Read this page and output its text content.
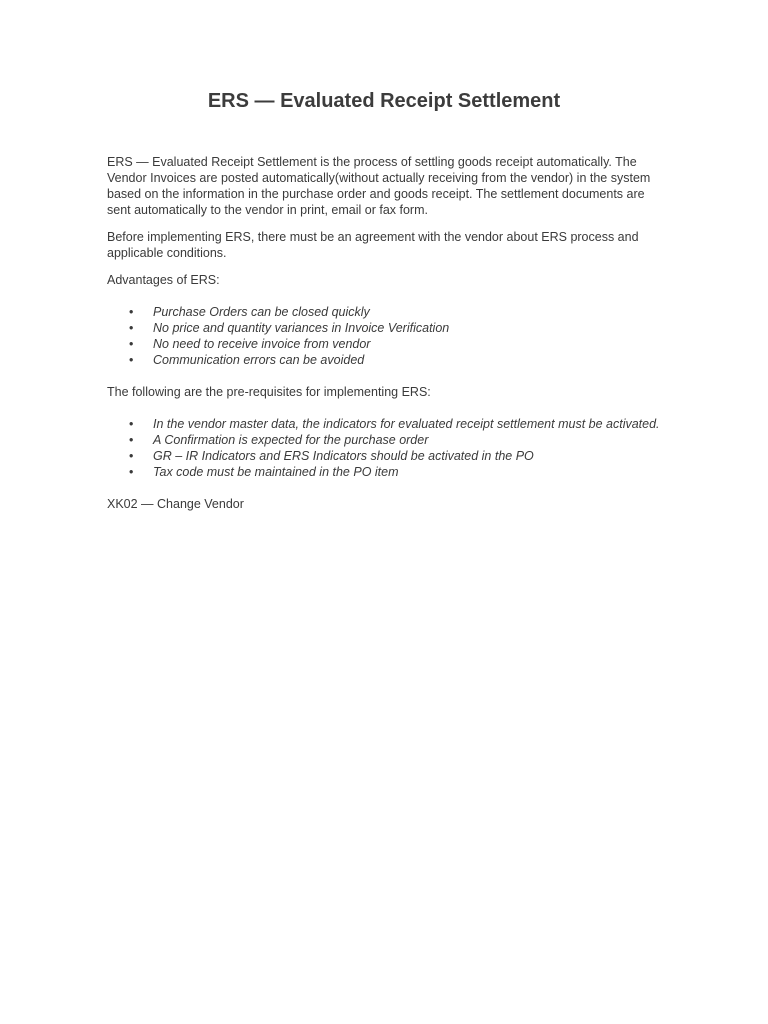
ERS — Evaluated Receipt Settlement

ERS — Evaluated Receipt Settlement is the process of settling goods receipt automatically. The Vendor Invoices are posted automatically(without actually receiving from the vendor) in the system based on the information in the purchase order and goods receipt. The settlement documents are sent automatically to the vendor in print, email or fax form.

Before implementing ERS, there must be an agreement with the vendor about ERS process and applicable conditions.

Advantages of ERS:

• Purchase Orders can be closed quickly
• No price and quantity variances in Invoice Verification
• No need to receive invoice from vendor
• Communication errors can be avoided

The following are the pre-requisites for implementing ERS:

• In the vendor master data, the indicators for evaluated receipt settlement must be activated.
• A Confirmation is expected for the purchase order
• GR – IR Indicators and ERS Indicators should be activated in the PO
• Tax code must be maintained in the PO item

XK02 — Change Vendor
